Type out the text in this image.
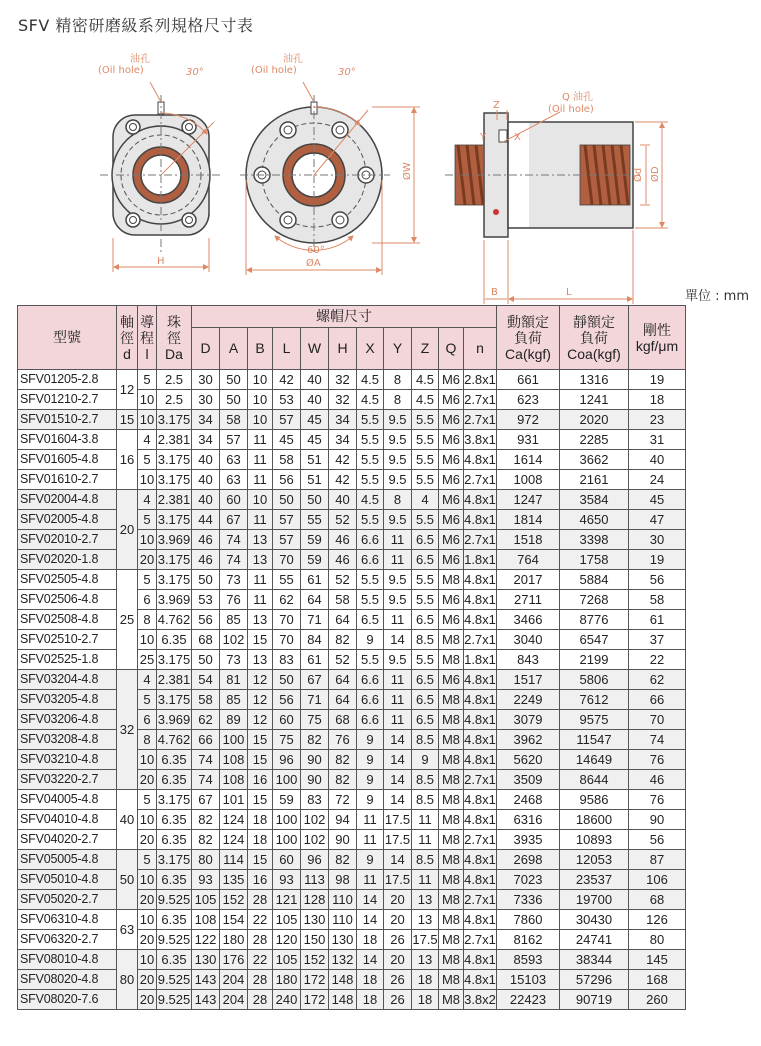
SFV 精密研磨級系列規格尺寸表
油孔
(Oil hole)	30°
H
油孔
(Oil hole)	30°
60°
ØA
ØW
Z
Y	X
Q 油孔
(Oil hole)
B	L
Ød ØD
單位 : mm
型號	軸
徑
d	導
程
l	珠
徑
Da	螺帽尺寸											動額定
負荷
Ca(kgf)	靜額定
負荷
Coa(kgf)	剛性
kgf/μm

				D	A	B	L	W	H	X	Y	Z	Q	n			
SFV01205-2.8	12	5	2.5	30	50	10	42	40	32	4.5	8	4.5	M6	2.8x1	661	1316	19
SFV01210-2.7		10	2.5	30	50	10	53	40	32	4.5	8	4.5	M6	2.7x1	623	1241	18
SFV01510-2.7	15	10	3.175	34	58	10	57	45	34	5.5	9.5	5.5	M6	2.7x1	972	2020	23
SFV01604-3.8	16	4	2.381	34	57	11	45	45	34	5.5	9.5	5.5	M6	3.8x1	931	2285	31
SFV01605-4.8		5	3.175	40	63	11	58	51	42	5.5	9.5	5.5	M6	4.8x1	1614	3662	40
SFV01610-2.7		10	3.175	40	63	11	56	51	42	5.5	9.5	5.5	M6	2.7x1	1008	2161	24
SFV02004-4.8	20	4	2.381	40	60	10	50	50	40	4.5	8	4	M6	4.8x1	1247	3584	45
SFV02005-4.8		5	3.175	44	67	11	57	55	52	5.5	9.5	5.5	M6	4.8x1	1814	4650	47
SFV02010-2.7		10	3.969	46	74	13	57	59	46	6.6	11	6.5	M6	2.7x1	1518	3398	30
SFV02020-1.8		20	3.175	46	74	13	70	59	46	6.6	11	6.5	M6	1.8x1	764	1758	19
SFV02505-4.8	25	5	3.175	50	73	11	55	61	52	5.5	9.5	5.5	M8	4.8x1	2017	5884	56
SFV02506-4.8		6	3.969	53	76	11	62	64	58	5.5	9.5	5.5	M6	4.8x1	2711	7268	58
SFV02508-4.8		8	4.762	56	85	13	70	71	64	6.5	11	6.5	M6	4.8x1	3466	8776	61
SFV02510-2.7		10	6.35	68	102	15	70	84	82	9	14	8.5	M8	2.7x1	3040	6547	37
SFV02525-1.8		25	3.175	50	73	13	83	61	52	5.5	9.5	5.5	M8	1.8x1	843	2199	22
SFV03204-4.8	32	4	2.381	54	81	12	50	67	64	6.6	11	6.5	M6	4.8x1	1517	5806	62
SFV03205-4.8		5	3.175	58	85	12	56	71	64	6.6	11	6.5	M8	4.8x1	2249	7612	66
SFV03206-4.8		6	3.969	62	89	12	60	75	68	6.6	11	6.5	M8	4.8x1	3079	9575	70
SFV03208-4.8		8	4.762	66	100	15	75	82	76	9	14	8.5	M8	4.8x1	3962	11547	74
SFV03210-4.8		10	6.35	74	108	15	96	90	82	9	14	9	M8	4.8x1	5620	14649	76
SFV03220-2.7		20	6.35	74	108	16	100	90	82	9	14	8.5	M8	2.7x1	3509	8644	46
SFV04005-4.8	40	5	3.175	67	101	15	59	83	72	9	14	8.5	M8	4.8x1	2468	9586	76
SFV04010-4.8		10	6.35	82	124	18	100	102	94	11	17.5	11	M8	4.8x1	6316	18600	90
SFV04020-2.7		20	6.35	82	124	18	100	102	90	11	17.5	11	M8	2.7x1	3935	10893	56
SFV05005-4.8	50	5	3.175	80	114	15	60	96	82	9	14	8.5	M8	4.8x1	2698	12053	87
SFV05010-4.8		10	6.35	93	135	16	93	113	98	11	17.5	11	M8	4.8x1	7023	23537	106
SFV05020-2.7		20	9.525	105	152	28	121	128	110	14	20	13	M8	2.7x1	7336	19700	68
SFV06310-4.8	63	10	6.35	108	154	22	105	130	110	14	20	13	M8	4.8x1	7860	30430	126
SFV06320-2.7		20	9.525	122	180	28	120	150	130	18	26	17.5	M8	2.7x1	8162	24741	80
SFV08010-4.8	80	10	6.35	130	176	22	105	152	132	14	20	13	M8	4.8x1	8593	38344	145
SFV08020-4.8		20	9.525	143	204	28	180	172	148	18	26	18	M8	4.8x1	15103	57296	168
SFV08020-7.6		20	9.525	143	204	28	240	172	148	18	26	18	M8	3.8x2	22423	90719	260
